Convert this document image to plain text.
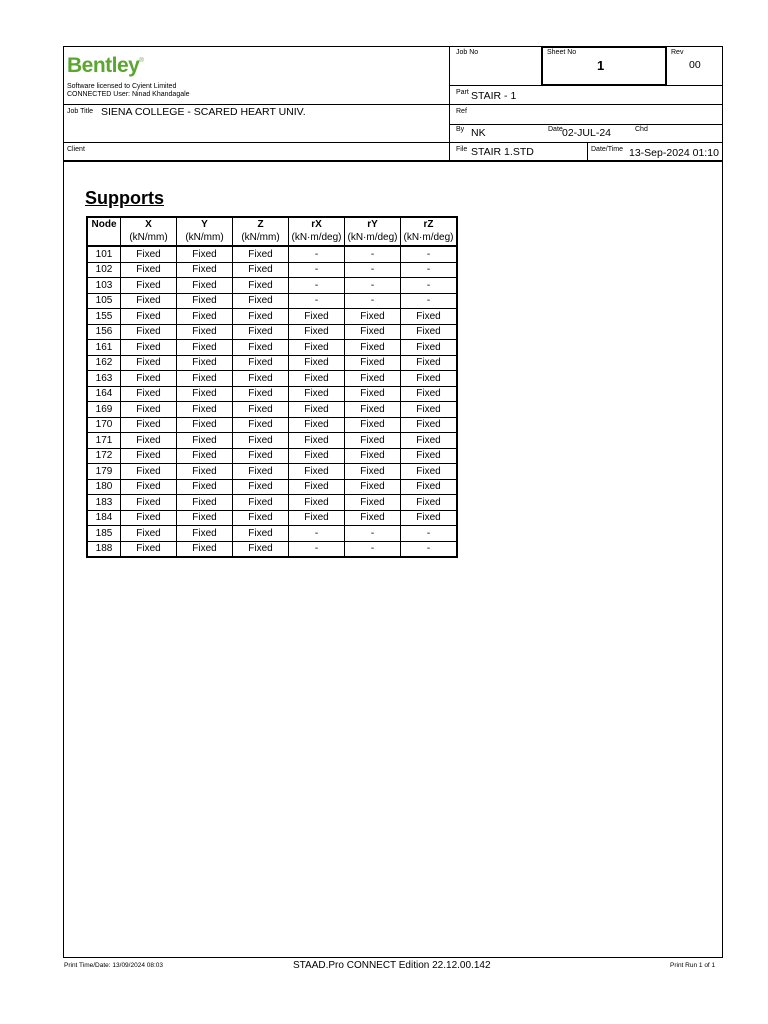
Bentley®
Software licensed to Cyient Limited
CONNECTED User: Ninad Khandagale
Job No	Sheet No
1
Rev
00
Part STAIR - 1
Job Title SIENA COLLEGE - SCARED HEART UNIV.	Ref
By NK	Date 02-JUL-24	Chd
Client	File STAIR 1.STD	Date/Time 13-Sep-2024 01:10
Supports
Node	X	Y	Z	rX	rY	rZ
	(kN/mm)	(kN/mm)	(kN/mm)	(kN·m/deg)	(kN·m/deg)	(kN·m/deg)
101	Fixed	Fixed	Fixed	-	-	-
102	Fixed	Fixed	Fixed	-	-	-
103	Fixed	Fixed	Fixed	-	-	-
105	Fixed	Fixed	Fixed	-	-	-
155	Fixed	Fixed	Fixed	Fixed	Fixed	Fixed
156	Fixed	Fixed	Fixed	Fixed	Fixed	Fixed
161	Fixed	Fixed	Fixed	Fixed	Fixed	Fixed
162	Fixed	Fixed	Fixed	Fixed	Fixed	Fixed
163	Fixed	Fixed	Fixed	Fixed	Fixed	Fixed
164	Fixed	Fixed	Fixed	Fixed	Fixed	Fixed
169	Fixed	Fixed	Fixed	Fixed	Fixed	Fixed
170	Fixed	Fixed	Fixed	Fixed	Fixed	Fixed
171	Fixed	Fixed	Fixed	Fixed	Fixed	Fixed
172	Fixed	Fixed	Fixed	Fixed	Fixed	Fixed
179	Fixed	Fixed	Fixed	Fixed	Fixed	Fixed
180	Fixed	Fixed	Fixed	Fixed	Fixed	Fixed
183	Fixed	Fixed	Fixed	Fixed	Fixed	Fixed
184	Fixed	Fixed	Fixed	Fixed	Fixed	Fixed
185	Fixed	Fixed	Fixed	-	-	-
188	Fixed	Fixed	Fixed	-	-	-
Print Time/Date: 13/09/2024 08:03	STAAD.Pro CONNECT Edition 22.12.00.142	Print Run 1 of 1
